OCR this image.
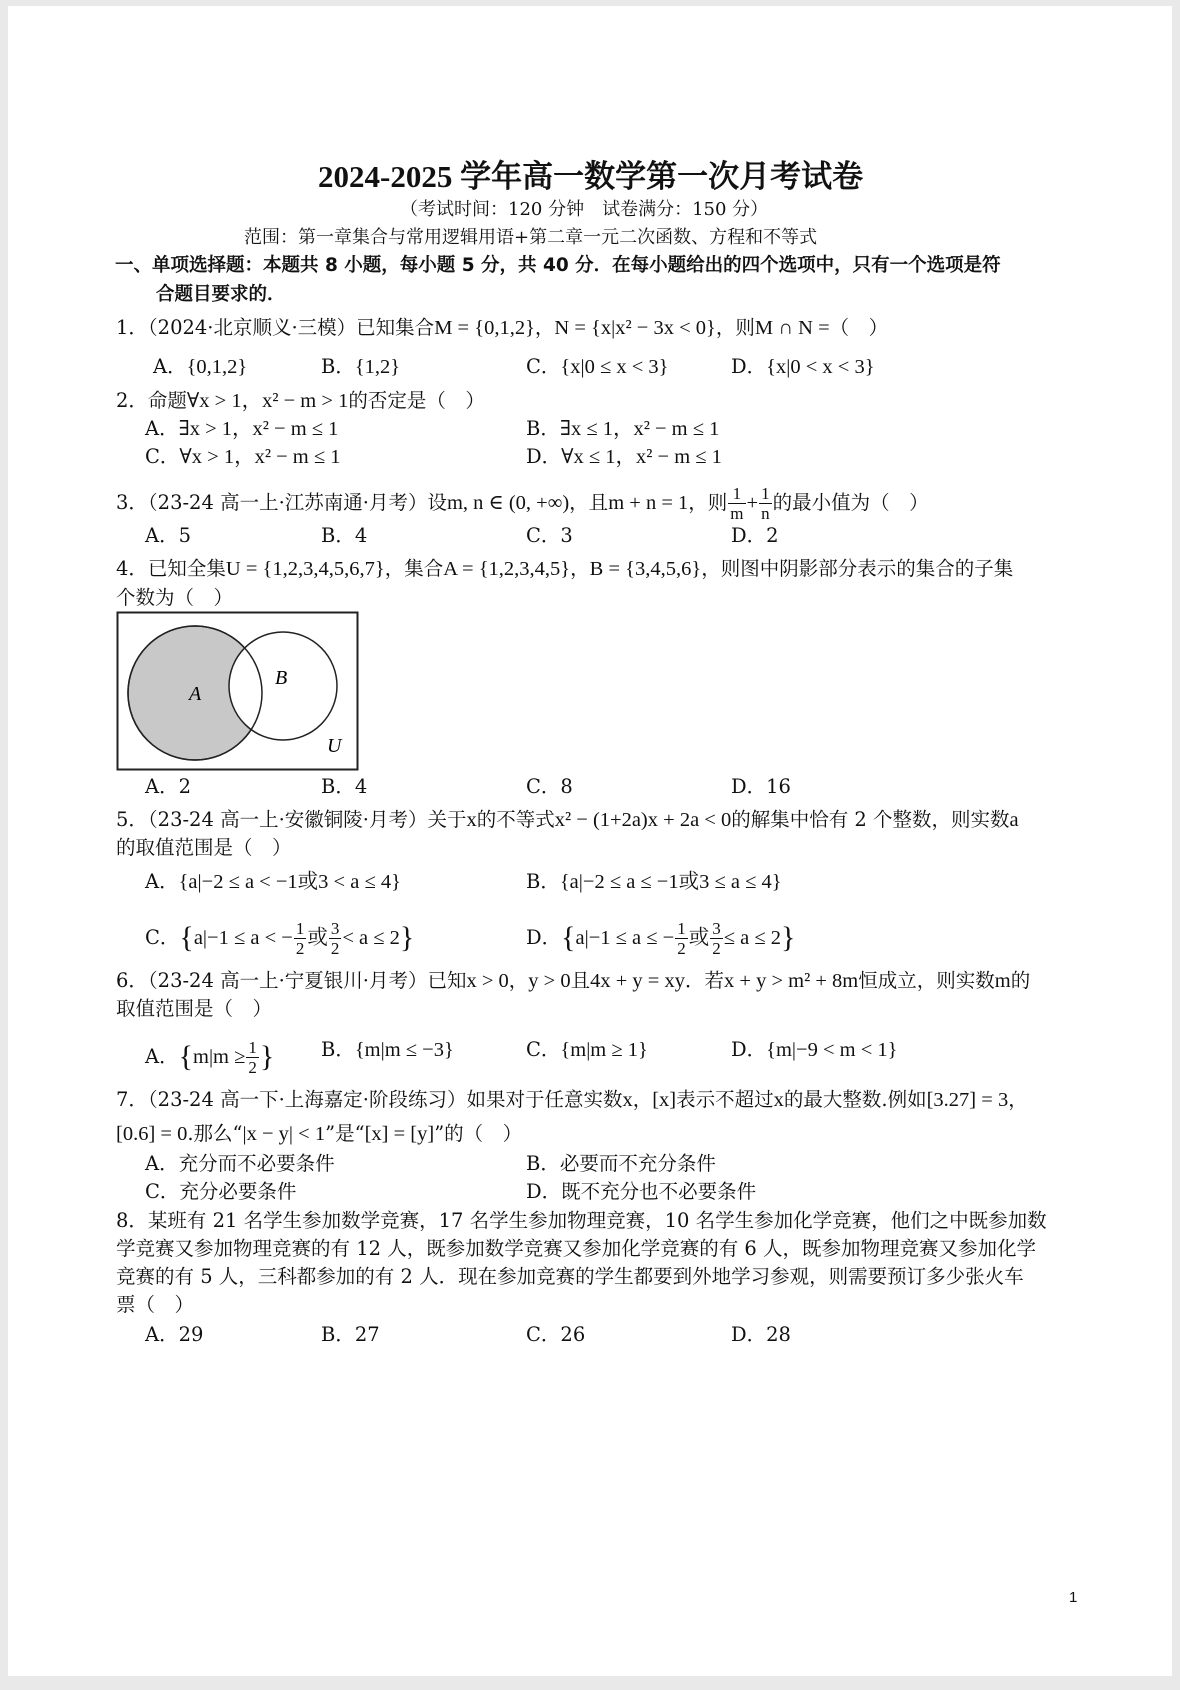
2024-2025 学年高一数学第一次月考试卷
（考试时间：120 分钟　试卷满分：150 分）
范围：第一章集合与常用逻辑用语+第二章一元二次函数、方程和不等式
一、单项选择题：本题共 8 小题，每小题 5 分，共 40 分．在每小题给出的四个选项中，只有一个选项是符
合题目要求的．
1．（2024·北京顺义·三模）已知集合M = {0,1,2}，N = {x|x² − 3x < 0}，则M ∩ N =（　）
A．{0,1,2}	B．{1,2}	C．{x|0 ≤ x < 3}	D．{x|0 < x < 3}
2．命题∀x > 1，x² − m > 1的否定是（　）
A．∃x > 1，x² − m ≤ 1	B．∃x ≤ 1，x² − m ≤ 1
C．∀x > 1，x² − m ≤ 1	D．∀x ≤ 1，x² − m ≤ 1
3．（23-24 高一上·江苏南通·月考）设m, n ∈ (0, +∞)，且m + n = 1，则 $\frac{1}{m} + \frac{1}{n}$ 的最小值为（　）
A．5	B．4	C．3	D．2
4．已知全集U = {1,2,3,4,5,6,7}，集合A = {1,2,3,4,5}，B = {3,4,5,6}，则图中阴影部分表示的集合的子集
个数为（　）
A
B
U
A．2	B．4	C．8	D．16
5．（23-24 高一上·安徽铜陵·月考）关于x的不等式x² − (1+2a)x + 2a < 0的解集中恰有 2 个整数，则实数a
的取值范围是（　）
A．{a|−2 ≤ a < −1或3 < a ≤ 4}	B．{a|−2 ≤ a ≤ −1或3 ≤ a ≤ 4}
C．{a|−1 ≤ a < − $\frac{1}{2}$ 或 $\frac{3}{2} < a \le 2$}	D．{a|−1 ≤ a ≤ − $\frac{1}{2}$ 或 $\frac{3}{2} \le a \le 2$}
6．（23-24 高一上·宁夏银川·月考）已知x > 0，y > 0且4x + y = xy．若x + y > m² + 8m恒成立，则实数m的
取值范围是（　）
A．{$m|m \ge \frac{1}{2}$ } B．{m|m ≤ −3}	C．{m|m ≥ 1}	D．{m|−9 < m < 1}
7．（23-24 高一下·上海嘉定·阶段练习）如果对于任意实数x，[x]表示不超过x的最大整数.例如[3.27] = 3，
[0.6] = 0.那么“|x − y| < 1”是“[x] = [y]”的（　）
A．充分而不必要条件	B．必要而不充分条件
C．充分必要条件	D．既不充分也不必要条件
8．某班有 21 名学生参加数学竞赛，17 名学生参加物理竞赛，10 名学生参加化学竞赛，他们之中既参加数
学竞赛又参加物理竞赛的有 12 人，既参加数学竞赛又参加化学竞赛的有 6 人，既参加物理竞赛又参加化学
竞赛的有 5 人，三科都参加的有 2 人．现在参加竞赛的学生都要到外地学习参观，则需要预订多少张火车
票（　）
A．29	B．27	C．26	D．28
1
